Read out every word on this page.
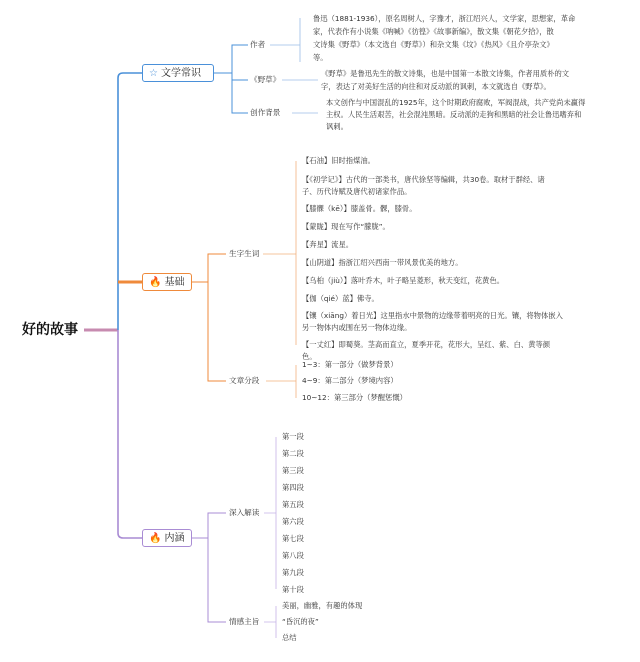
好的故事
☆ 文学常识
🔥 基础
🔥 内涵
作者
《野草》
创作背景
鲁迅（1881-1936），原名周树人，字豫才，浙江绍兴人，文学家，思想家，革命
家，代表作有小说集《呐喊》《彷徨》《故事新编》，散文集《朝花夕拾》，散
文诗集《野草》（本文选自《野草》）和杂文集《坟》《热风》《且介亭杂文》
等。
《野草》是鲁迅先生的散文诗集，也是中国第一本散文诗集，作者用质朴的文
字，表达了对美好生活的向往和对反动派的讽刺，本文就选自《野草》。
本文创作与中国混乱的1925年，这个时期政府腐败，军阀混战，共产党尚未赢得
主权。人民生活艰苦，社会混沌黑暗。反动派的走狗和黑暗的社会让鲁迅嗜弃和
讽刺。
生字生词
文章分段
【石油】旧时指煤油。
【《初学记》】古代的一部类书，唐代徐坚等编辑，共30卷。取材于群经、诸
子、历代诗赋及唐代初诸家作品。
【膝髁（kē）】膝盖骨。髁，膝骨。
【蒙眬】现在写作“朦胧”。
【奔星】流星。
【山阴道】指浙江绍兴西南一带风景优美的地方。
【乌桕（jiù）】落叶乔木，叶子略呈菱形，秋天变红，花黄色。
【伽（qié）蓝】佛寺。
【镶（xiāng）着日光】这里指水中景物的边缘带着明亮的日光。镶，将物体嵌入
另一物体内或围在另一物体边缘。
【一丈红】即蜀葵。茎高而直立，夏季开花，花形大，呈红、紫、白、黄等颜
色。
1~3：第一部分（做梦背景）
4~9：第二部分（梦境内容）
10~12：第三部分（梦醒惩慨）
深入解读
情感主旨
第一段
第二段
第三段
第四段
第五段
第六段
第七段
第八段
第九段
第十段
美丽，幽雅，有趣的体现
“昏沉的夜”
总结
